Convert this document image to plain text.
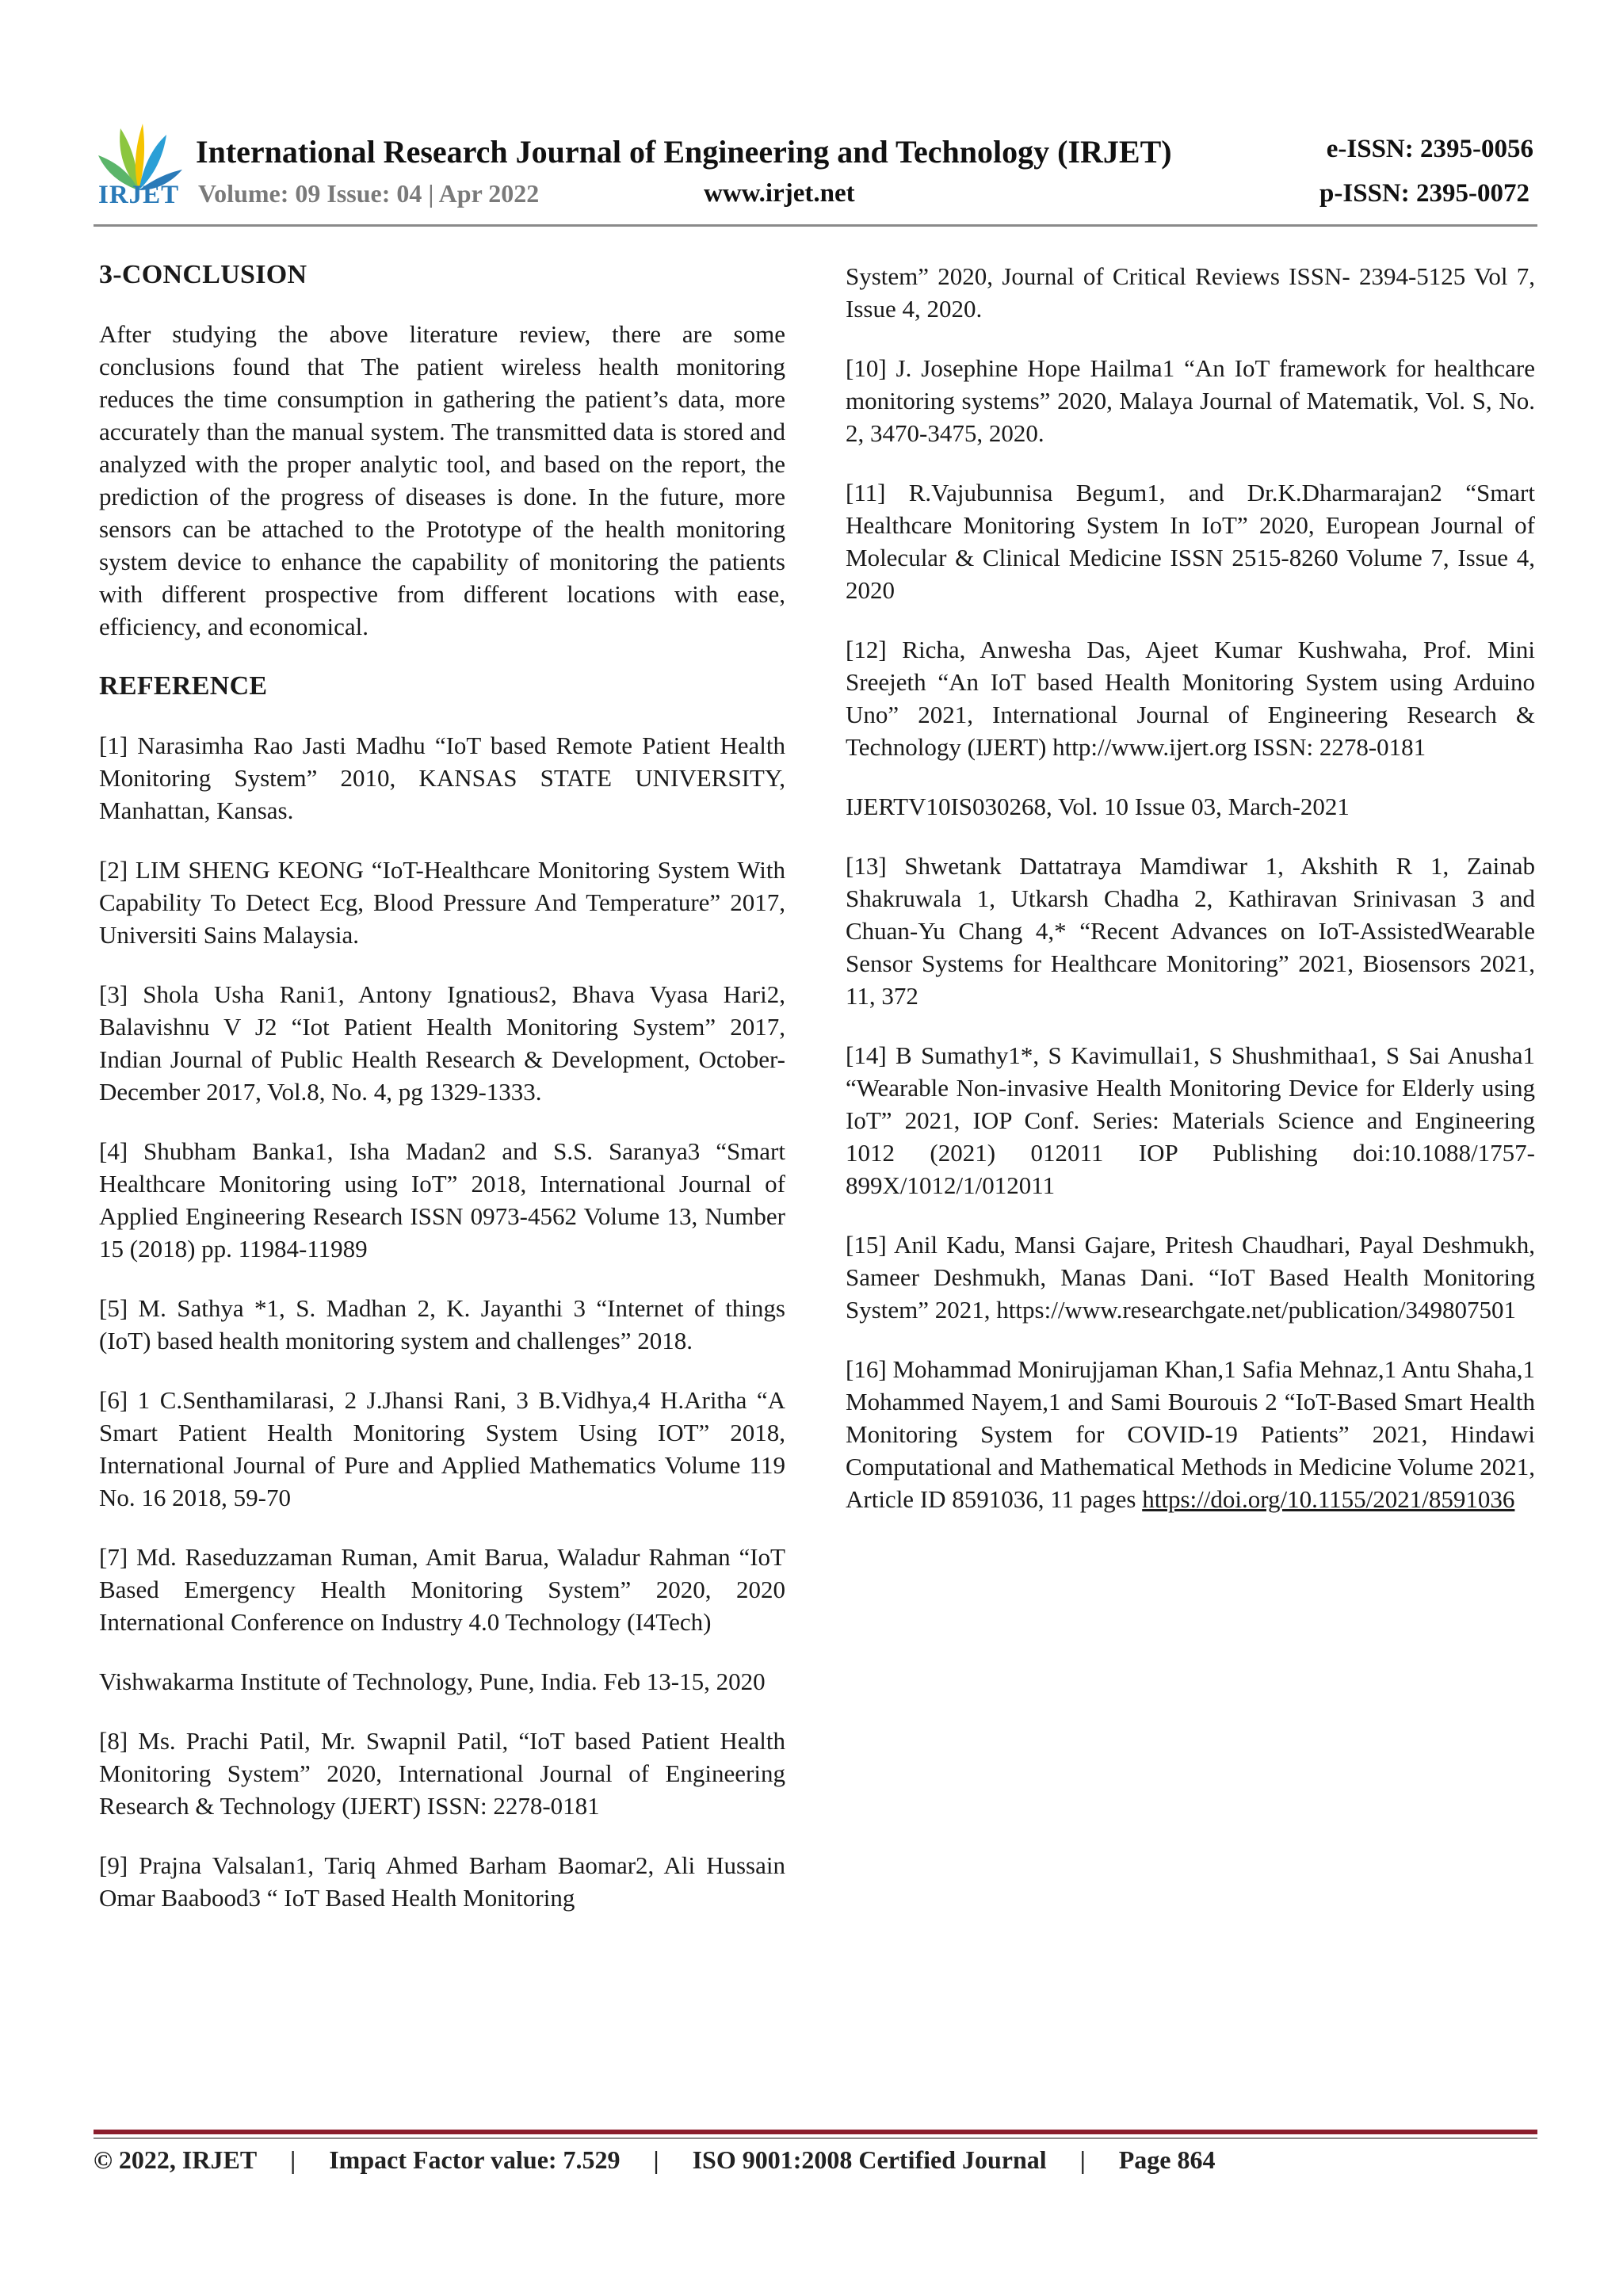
IRJET
International Research Journal of Engineering and Technology (IRJET)	e-ISSN: 2395-0056
Volume: 09 Issue: 04 | Apr 2022	www.irjet.net	p-ISSN: 2395-0072
3-CONCLUSION

After studying the above literature review, there are some conclusions found that The patient wireless health monitoring reduces the time consumption in gathering the patient’s data, more accurately than the manual system. The transmitted data is stored and analyzed with the proper analytic tool, and based on the report, the prediction of the progress of diseases is done. In the future, more sensors can be attached to the Prototype of the health monitoring system device to enhance the capability of monitoring the patients with different prospective from different locations with ease, efficiency, and economical.

REFERENCE

[1] Narasimha Rao Jasti Madhu “IoT based Remote Patient Health Monitoring System” 2010, KANSAS STATE UNIVERSITY, Manhattan, Kansas.

[2] LIM SHENG KEONG “IoT-Healthcare Monitoring System With Capability To Detect Ecg, Blood Pressure And Temperature” 2017, Universiti Sains Malaysia.

[3] Shola Usha Rani1, Antony Ignatious2, Bhava Vyasa Hari2, Balavishnu V J2 “Iot Patient Health Monitoring System” 2017, Indian Journal of Public Health Research & Development, October-December 2017, Vol.8, No. 4, pg 1329-1333.

[4] Shubham Banka1, Isha Madan2 and S.S. Saranya3 “Smart Healthcare Monitoring using IoT” 2018, International Journal of Applied Engineering Research ISSN 0973-4562 Volume 13, Number 15 (2018) pp. 11984-11989

[5] M. Sathya *1, S. Madhan 2, K. Jayanthi 3 “Internet of things (IoT) based health monitoring system and challenges” 2018.

[6] 1 C.Senthamilarasi, 2 J.Jhansi Rani, 3 B.Vidhya,4 H.Aritha “A Smart Patient Health Monitoring System Using IOT” 2018, International Journal of Pure and Applied Mathematics Volume 119 No. 16 2018, 59-70

[7] Md. Raseduzzaman Ruman, Amit Barua, Waladur Rahman “IoT Based Emergency Health Monitoring System” 2020, 2020 International Conference on Industry 4.0 Technology (I4Tech)

Vishwakarma Institute of Technology, Pune, India. Feb 13-15, 2020

[8] Ms. Prachi Patil, Mr. Swapnil Patil, “IoT based Patient Health Monitoring System” 2020, International Journal of Engineering Research & Technology (IJERT) ISSN: 2278-0181

[9] Prajna Valsalan1, Tariq Ahmed Barham Baomar2, Ali Hussain Omar Baabood3 “ IoT Based Health Monitoring

System” 2020, Journal of Critical Reviews ISSN- 2394-5125 Vol 7, Issue 4, 2020.

[10] J. Josephine Hope Hailma1 “An IoT framework for healthcare monitoring systems” 2020, Malaya Journal of Matematik, Vol. S, No. 2, 3470-3475, 2020.

[11] R.Vajubunnisa Begum1, and Dr.K.Dharmarajan2 “Smart Healthcare Monitoring System In IoT” 2020, European Journal of Molecular & Clinical Medicine ISSN 2515-8260 Volume 7, Issue 4, 2020

[12] Richa, Anwesha Das, Ajeet Kumar Kushwaha, Prof. Mini Sreejeth “An IoT based Health Monitoring System using Arduino Uno” 2021, International Journal of Engineering Research & Technology (IJERT) http://www.ijert.org ISSN: 2278-0181

IJERTV10IS030268, Vol. 10 Issue 03, March-2021

[13] Shwetank Dattatraya Mamdiwar 1, Akshith R 1, Zainab Shakruwala 1, Utkarsh Chadha 2, Kathiravan Srinivasan 3 and Chuan-Yu Chang 4,* “Recent Advances on IoT-AssistedWearable Sensor Systems for Healthcare Monitoring” 2021, Biosensors 2021, 11, 372

[14] B Sumathy1*, S Kavimullai1, S Shushmithaa1, S Sai Anusha1 “Wearable Non-invasive Health Monitoring Device for Elderly using IoT” 2021, IOP Conf. Series: Materials Science and Engineering 1012 (2021) 012011 IOP Publishing doi:10.1088/1757-899X/1012/1/012011

[15] Anil Kadu, Mansi Gajare, Pritesh Chaudhari, Payal Deshmukh, Sameer Deshmukh, Manas Dani. “IoT Based Health Monitoring System” 2021, https://www.researchgate.net/publication/349807501

[16] Mohammad Monirujjaman Khan,1 Safia Mehnaz,1 Antu Shaha,1 Mohammed Nayem,1 and Sami Bourouis 2 “IoT-Based Smart Health Monitoring System for COVID-19 Patients” 2021, Hindawi Computational and Mathematical Methods in Medicine Volume 2021, Article ID 8591036, 11 pages https://doi.org/10.1155/2021/8591036

© 2022, IRJET | Impact Factor value: 7.529 | ISO 9001:2008 Certified Journal | Page 864
